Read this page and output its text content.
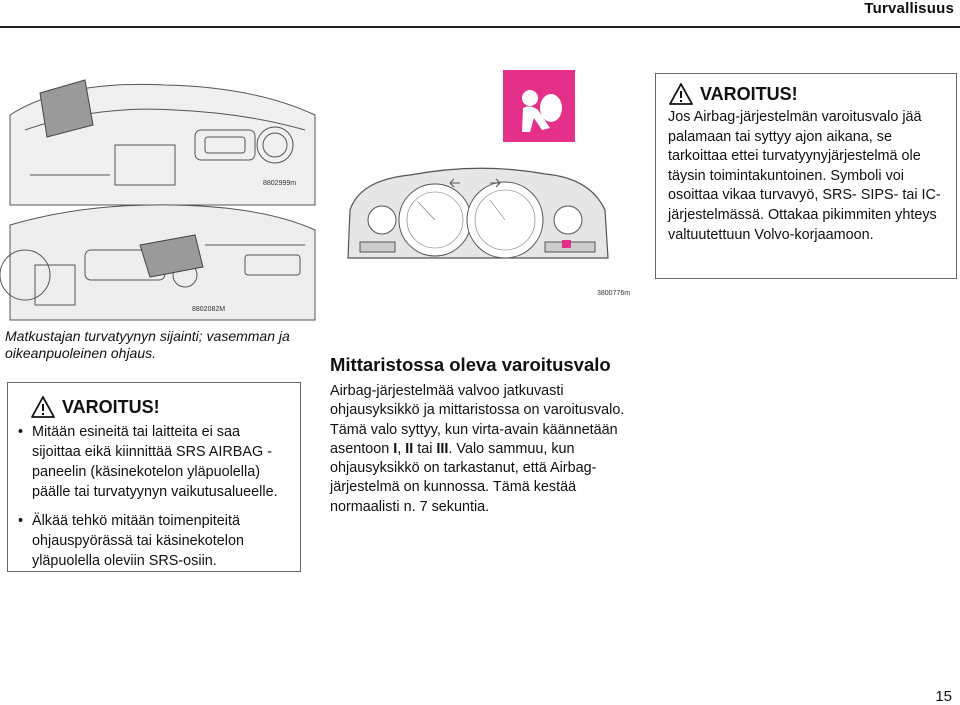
Turvallisuus
8802999m
8802082M
3800776m
Matkustajan turvatyynyn sijainti; vasemman ja oikeanpuoleinen ohjaus.
VAROITUS!
• Mitään esineitä tai laitteita ei saa sijoittaa eikä kiinnittää SRS AIRBAG -paneelin (käsinekotelon yläpuolella) päälle tai turvatyynyn vaikutusalueelle.
• Älkää tehkö mitään toimenpiteitä ohjauspyörässä tai käsinekotelon yläpuolella oleviin SRS-osiin.
VAROITUS!
Jos Airbag-järjestelmän varoitusvalo jää palamaan tai syttyy ajon aikana, se tarkoittaa ettei turvatyynyjärjestelmä ole täysin toimintakuntoinen. Symboli voi osoittaa vikaa turvavyö, SRS- SIPS- tai IC-järjestelmässä. Ottakaa pikimmiten yhteys valtuutettuun Volvo-korjaamoon.
Mittaristossa oleva varoitusvalo
Airbag-järjestelmää valvoo jatkuvasti ohjausyksikkö ja mittaristossa on varoitusvalo. Tämä valo syttyy, kun virta-avain käännetään asentoon I, II tai III. Valo sammuu, kun ohjausyksikkö on tarkastanut, että Airbag-järjestelmä on kunnossa. Tämä kestää normaalisti n. 7 sekuntia.
15
